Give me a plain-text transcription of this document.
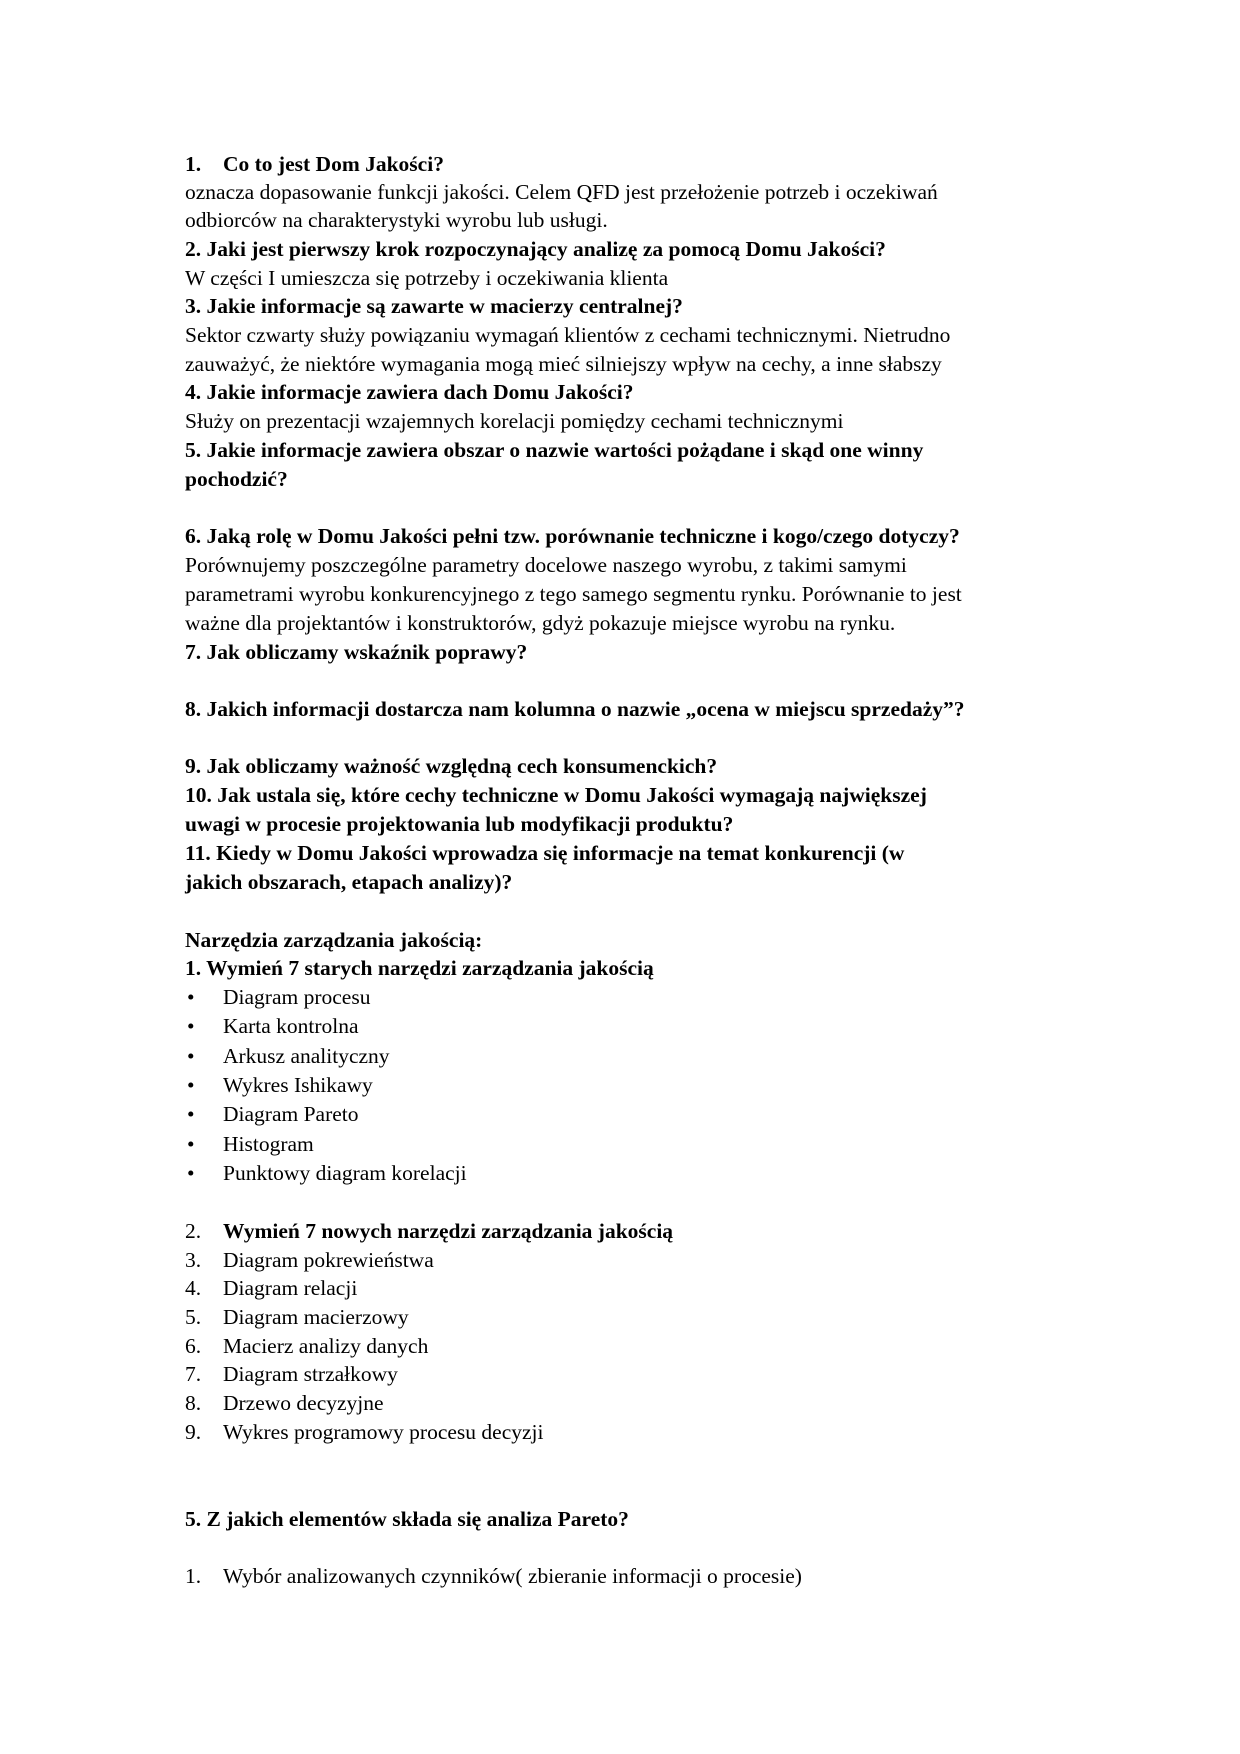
1. Co to jest Dom Jakości?
oznacza dopasowanie funkcji jakości. Celem QFD jest przełożenie potrzeb i oczekiwań
odbiorców na charakterystyki wyrobu lub usługi.
2. Jaki jest pierwszy krok rozpoczynający analizę za pomocą Domu Jakości?
W części I umieszcza się potrzeby i oczekiwania klienta
3. Jakie informacje są zawarte w macierzy centralnej?
Sektor czwarty służy powiązaniu wymagań klientów z cechami technicznymi. Nietrudno
zauważyć, że niektóre wymagania mogą mieć silniejszy wpływ na cechy, a inne słabszy
4. Jakie informacje zawiera dach Domu Jakości?
Służy on prezentacji wzajemnych korelacji pomiędzy cechami technicznymi
5. Jakie informacje zawiera obszar o nazwie wartości pożądane i skąd one winny
pochodzić?
6. Jaką rolę w Domu Jakości pełni tzw. porównanie techniczne i kogo/czego dotyczy?
Porównujemy poszczególne parametry docelowe naszego wyrobu, z takimi samymi
parametrami wyrobu konkurencyjnego z tego samego segmentu rynku. Porównanie to jest
ważne dla projektantów i konstruktorów, gdyż pokazuje miejsce wyrobu na rynku.
7. Jak obliczamy wskaźnik poprawy?
8. Jakich informacji dostarcza nam kolumna o nazwie „ocena w miejscu sprzedaży”?
9. Jak obliczamy ważność względną cech konsumenckich?
10. Jak ustala się, które cechy techniczne w Domu Jakości wymagają największej
uwagi w procesie projektowania lub modyfikacji produktu?
11. Kiedy w Domu Jakości wprowadza się informacje na temat konkurencji (w
jakich obszarach, etapach analizy)?
Narzędzia zarządzania jakością:
1. Wymień 7 starych narzędzi zarządzania jakością
• Diagram procesu
• Karta kontrolna
• Arkusz analityczny
• Wykres Ishikawy
• Diagram Pareto
• Histogram
• Punktowy diagram korelacji
2. Wymień 7 nowych narzędzi zarządzania jakością
3. Diagram pokrewieństwa
4. Diagram relacji
5. Diagram macierzowy
6. Macierz analizy danych
7. Diagram strzałkowy
8. Drzewo decyzyjne
9. Wykres programowy procesu decyzji
5. Z jakich elementów składa się analiza Pareto?
1. Wybór analizowanych czynników( zbieranie informacji o procesie)
